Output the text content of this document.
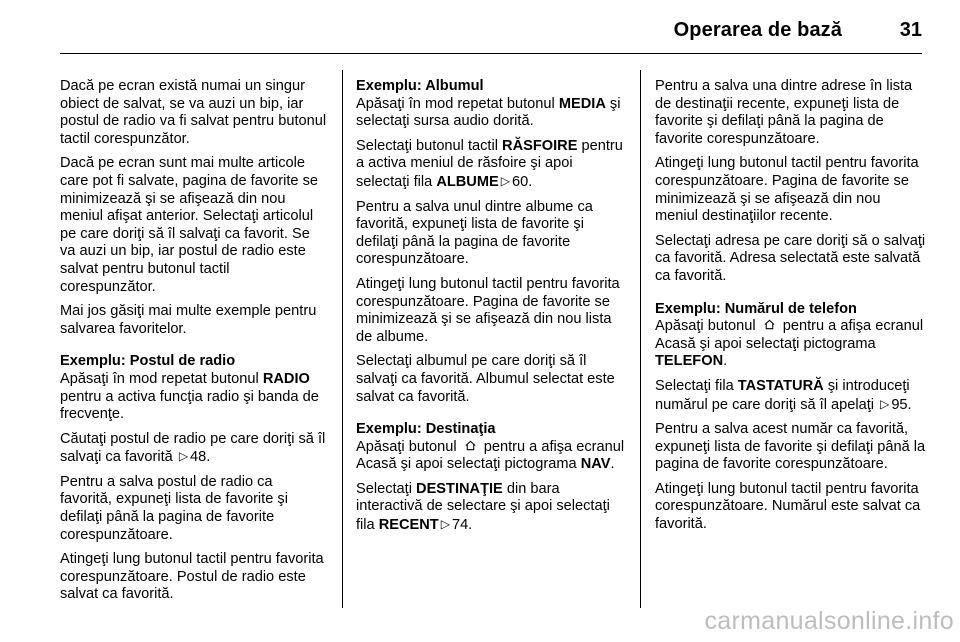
Operarea de bază	31

Dacă pe ecran există numai un singur obiect de salvat, se va auzi un bip, iar postul de radio va fi salvat pentru butonul tactil corespunzător.

Dacă pe ecran sunt mai multe articole care pot fi salvate, pagina de favorite se minimizează şi se afişează din nou meniul afişat anterior. Selectaţi articolul pe care doriţi să îl salvaţi ca favorit. Se va auzi un bip, iar postul de radio este salvat pentru butonul tactil corespunzător.

Mai jos găsiţi mai multe exemple pentru salvarea favoritelor.

Exemplu: Postul de radio

Apăsaţi în mod repetat butonul RADIO pentru a activa funcţia radio şi banda de frecvenţe.

Căutaţi postul de radio pe care doriţi să îl salvaţi ca favorită ▷ 48.

Pentru a salva postul de radio ca favorită, expuneţi lista de favorite şi defilaţi până la pagina de favorite corespunzătoare.

Atingeţi lung butonul tactil pentru favorita corespunzătoare. Postul de radio este salvat ca favorită.

Exemplu: Albumul

Apăsaţi în mod repetat butonul MEDIA şi selectaţi sursa audio dorită.

Selectaţi butonul tactil RĂSFOIRE pentru a activa meniul de răsfoire şi apoi selectaţi fila ALBUME ▷ 60.

Pentru a salva unul dintre albume ca favorită, expuneţi lista de favorite şi defilaţi până la pagina de favorite corespunzătoare.

Atingeţi lung butonul tactil pentru favorita corespunzătoare. Pagina de favorite se minimizează şi se afişează din nou lista de albume.

Selectaţi albumul pe care doriţi să îl salvaţi ca favorită. Albumul selectat este salvat ca favorită.

Exemplu: Destinaţia

Apăsaţi butonul  pentru a afişa ecranul Acasă şi apoi selectaţi pictograma NAV.

Selectaţi DESTINAŢIE din bara interactivă de selectare şi apoi selectaţi fila RECENT ▷ 74.

Pentru a salva una dintre adrese în lista de destinaţii recente, expuneţi lista de favorite şi defilaţi până la pagina de favorite corespunzătoare.

Atingeţi lung butonul tactil pentru favorita corespunzătoare. Pagina de favorite se minimizează şi se afişează din nou meniul destinaţiilor recente.

Selectaţi adresa pe care doriţi să o salvaţi ca favorită. Adresa selectată este salvată ca favorită.

Exemplu: Numărul de telefon

Apăsaţi butonul  pentru a afişa ecranul Acasă şi apoi selectaţi pictograma TELEFON.

Selectaţi fila TASTATURĂ şi introduceţi numărul pe care doriţi să îl apelaţi ▷ 95.

Pentru a salva acest număr ca favorită, expuneţi lista de favorite şi defilaţi până la pagina de favorite corespunzătoare.

Atingeţi lung butonul tactil pentru favorita corespunzătoare. Numărul este salvat ca favorită.

carmanualsonline.info
